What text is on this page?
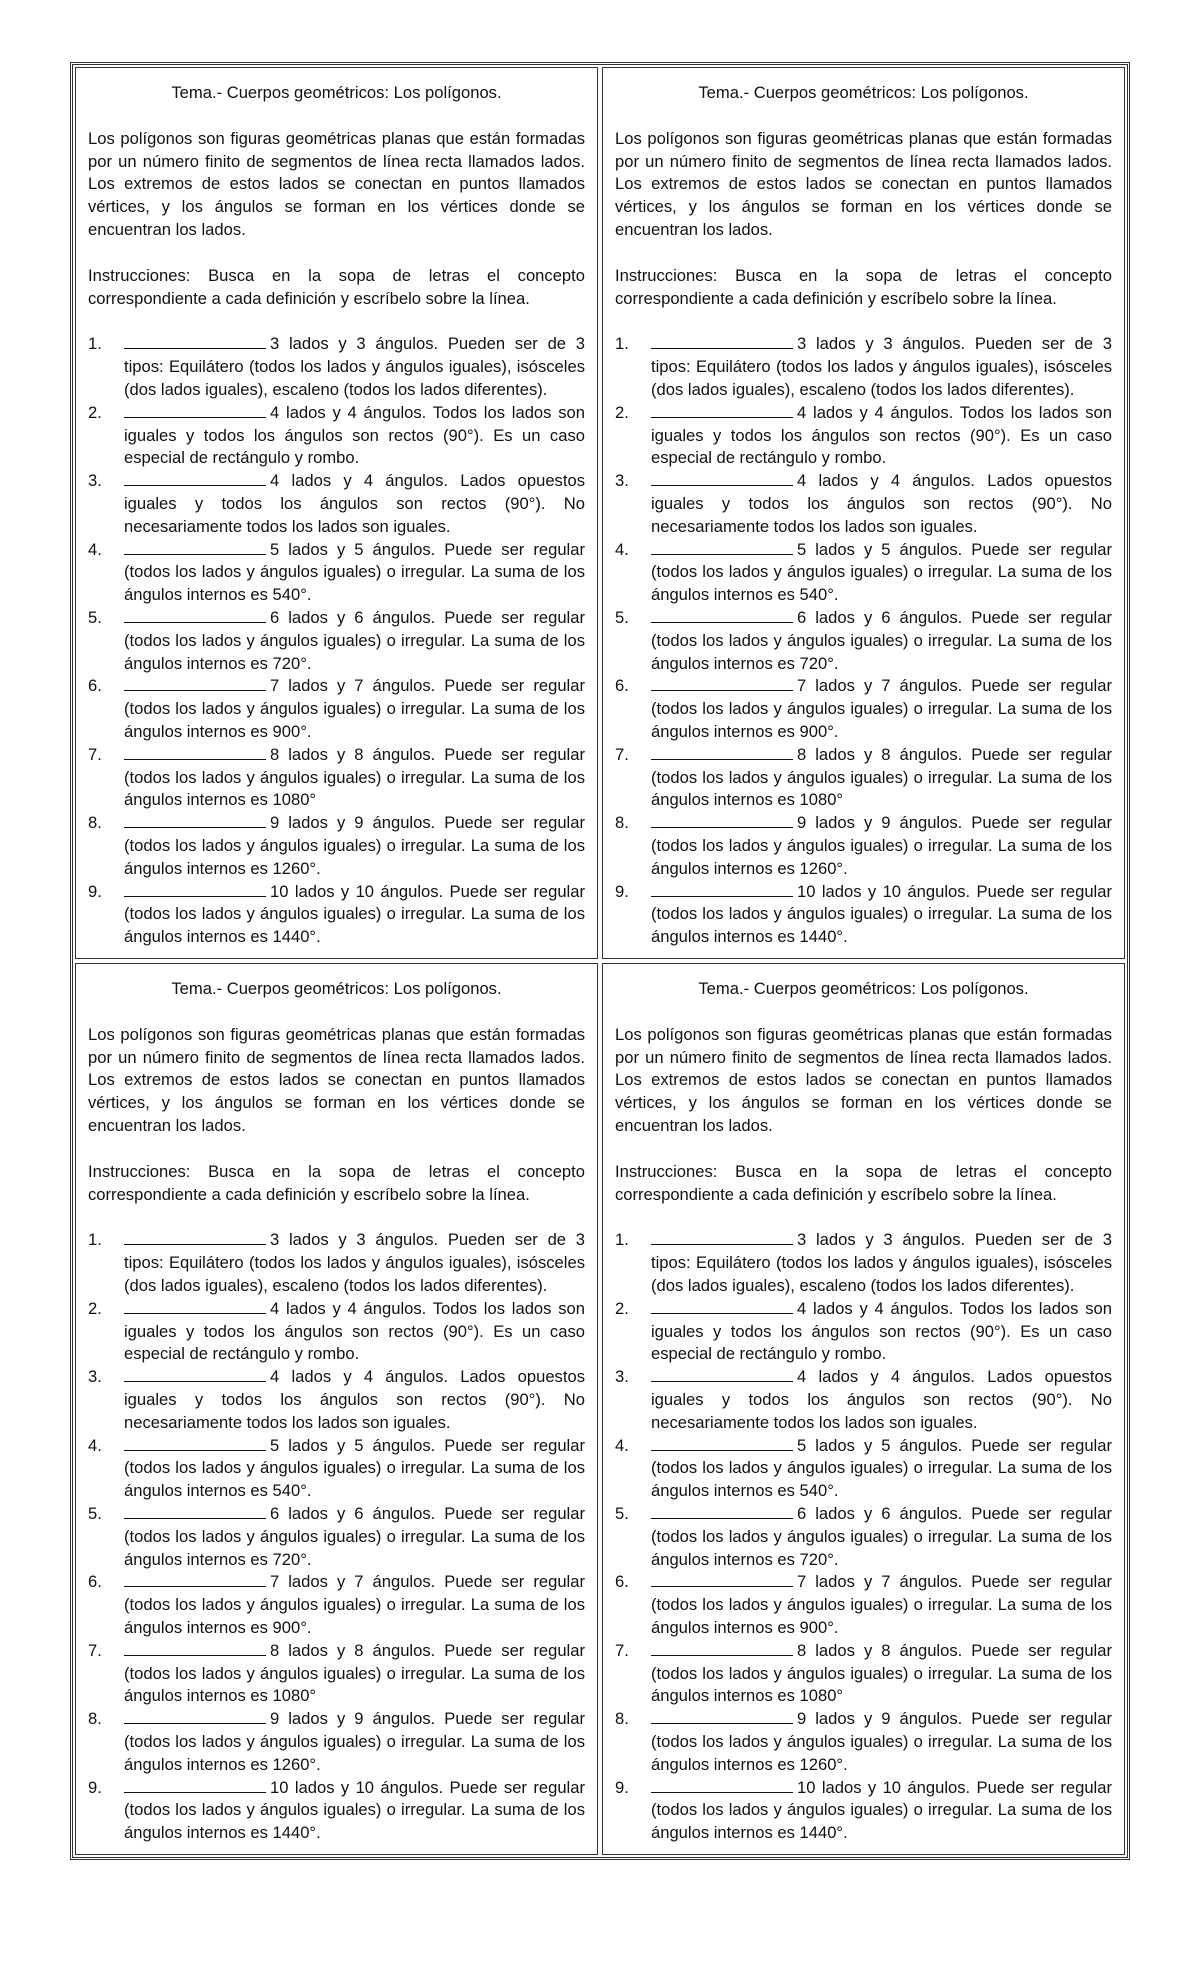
Tema.- Cuerpos geométricos: Los polígonos.
Los polígonos son figuras geométricas planas que están formadas por un número finito de segmentos de línea recta llamados lados. Los extremos de estos lados se conectan en puntos llamados vértices, y los ángulos se forman en los vértices donde se encuentran los lados.
Instrucciones: Busca en la sopa de letras el concepto correspondiente a cada definición y escríbelo sobre la línea.
1.	3 lados y 3 ángulos. Pueden ser de 3 tipos: Equilátero (todos los lados y ángulos iguales), isósceles (dos lados iguales), escaleno (todos los lados diferentes).
2.	4 lados y 4 ángulos. Todos los lados son iguales y todos los ángulos son rectos (90°). Es un caso especial de rectángulo y rombo.
3.	4 lados y 4 ángulos. Lados opuestos iguales y todos los ángulos son rectos (90°). No necesariamente todos los lados son iguales.
4.	5 lados y 5 ángulos. Puede ser regular (todos los lados y ángulos iguales) o irregular. La suma de los ángulos internos es 540°.
5.	6 lados y 6 ángulos. Puede ser regular (todos los lados y ángulos iguales) o irregular. La suma de los ángulos internos es 720°.
6.	7 lados y 7 ángulos. Puede ser regular (todos los lados y ángulos iguales) o irregular. La suma de los ángulos internos es 900°.
7.	8 lados y 8 ángulos. Puede ser regular (todos los lados y ángulos iguales) o irregular. La suma de los ángulos internos es 1080°
8.	9 lados y 9 ángulos. Puede ser regular (todos los lados y ángulos iguales) o irregular. La suma de los ángulos internos es 1260°.
9.	10 lados y 10 ángulos. Puede ser regular (todos los lados y ángulos iguales) o irregular. La suma de los ángulos internos es 1440°.
Tema.- Cuerpos geométricos: Los polígonos.
Los polígonos son figuras geométricas planas que están formadas por un número finito de segmentos de línea recta llamados lados. Los extremos de estos lados se conectan en puntos llamados vértices, y los ángulos se forman en los vértices donde se encuentran los lados.
Instrucciones: Busca en la sopa de letras el concepto correspondiente a cada definición y escríbelo sobre la línea.
1.	3 lados y 3 ángulos. Pueden ser de 3 tipos: Equilátero (todos los lados y ángulos iguales), isósceles (dos lados iguales), escaleno (todos los lados diferentes).
2.	4 lados y 4 ángulos. Todos los lados son iguales y todos los ángulos son rectos (90°). Es un caso especial de rectángulo y rombo.
3.	4 lados y 4 ángulos. Lados opuestos iguales y todos los ángulos son rectos (90°). No necesariamente todos los lados son iguales.
4.	5 lados y 5 ángulos. Puede ser regular (todos los lados y ángulos iguales) o irregular. La suma de los ángulos internos es 540°.
5.	6 lados y 6 ángulos. Puede ser regular (todos los lados y ángulos iguales) o irregular. La suma de los ángulos internos es 720°.
6.	7 lados y 7 ángulos. Puede ser regular (todos los lados y ángulos iguales) o irregular. La suma de los ángulos internos es 900°.
7.	8 lados y 8 ángulos. Puede ser regular (todos los lados y ángulos iguales) o irregular. La suma de los ángulos internos es 1080°
8.	9 lados y 9 ángulos. Puede ser regular (todos los lados y ángulos iguales) o irregular. La suma de los ángulos internos es 1260°.
9.	10 lados y 10 ángulos. Puede ser regular (todos los lados y ángulos iguales) o irregular. La suma de los ángulos internos es 1440°.
Tema.- Cuerpos geométricos: Los polígonos.
Los polígonos son figuras geométricas planas que están formadas por un número finito de segmentos de línea recta llamados lados. Los extremos de estos lados se conectan en puntos llamados vértices, y los ángulos se forman en los vértices donde se encuentran los lados.
Instrucciones: Busca en la sopa de letras el concepto correspondiente a cada definición y escríbelo sobre la línea.
1.	3 lados y 3 ángulos. Pueden ser de 3 tipos: Equilátero (todos los lados y ángulos iguales), isósceles (dos lados iguales), escaleno (todos los lados diferentes).
2.	4 lados y 4 ángulos. Todos los lados son iguales y todos los ángulos son rectos (90°). Es un caso especial de rectángulo y rombo.
3.	4 lados y 4 ángulos. Lados opuestos iguales y todos los ángulos son rectos (90°). No necesariamente todos los lados son iguales.
4.	5 lados y 5 ángulos. Puede ser regular (todos los lados y ángulos iguales) o irregular. La suma de los ángulos internos es 540°.
5.	6 lados y 6 ángulos. Puede ser regular (todos los lados y ángulos iguales) o irregular. La suma de los ángulos internos es 720°.
6.	7 lados y 7 ángulos. Puede ser regular (todos los lados y ángulos iguales) o irregular. La suma de los ángulos internos es 900°.
7.	8 lados y 8 ángulos. Puede ser regular (todos los lados y ángulos iguales) o irregular. La suma de los ángulos internos es 1080°
8.	9 lados y 9 ángulos. Puede ser regular (todos los lados y ángulos iguales) o irregular. La suma de los ángulos internos es 1260°.
9.	10 lados y 10 ángulos. Puede ser regular (todos los lados y ángulos iguales) o irregular. La suma de los ángulos internos es 1440°.
Tema.- Cuerpos geométricos: Los polígonos.
Los polígonos son figuras geométricas planas que están formadas por un número finito de segmentos de línea recta llamados lados. Los extremos de estos lados se conectan en puntos llamados vértices, y los ángulos se forman en los vértices donde se encuentran los lados.
Instrucciones: Busca en la sopa de letras el concepto correspondiente a cada definición y escríbelo sobre la línea.
1.	3 lados y 3 ángulos. Pueden ser de 3 tipos: Equilátero (todos los lados y ángulos iguales), isósceles (dos lados iguales), escaleno (todos los lados diferentes).
2.	4 lados y 4 ángulos. Todos los lados son iguales y todos los ángulos son rectos (90°). Es un caso especial de rectángulo y rombo.
3.	4 lados y 4 ángulos. Lados opuestos iguales y todos los ángulos son rectos (90°). No necesariamente todos los lados son iguales.
4.	5 lados y 5 ángulos. Puede ser regular (todos los lados y ángulos iguales) o irregular. La suma de los ángulos internos es 540°.
5.	6 lados y 6 ángulos. Puede ser regular (todos los lados y ángulos iguales) o irregular. La suma de los ángulos internos es 720°.
6.	7 lados y 7 ángulos. Puede ser regular (todos los lados y ángulos iguales) o irregular. La suma de los ángulos internos es 900°.
7.	8 lados y 8 ángulos. Puede ser regular (todos los lados y ángulos iguales) o irregular. La suma de los ángulos internos es 1080°
8.	9 lados y 9 ángulos. Puede ser regular (todos los lados y ángulos iguales) o irregular. La suma de los ángulos internos es 1260°.
9.	10 lados y 10 ángulos. Puede ser regular (todos los lados y ángulos iguales) o irregular. La suma de los ángulos internos es 1440°.
